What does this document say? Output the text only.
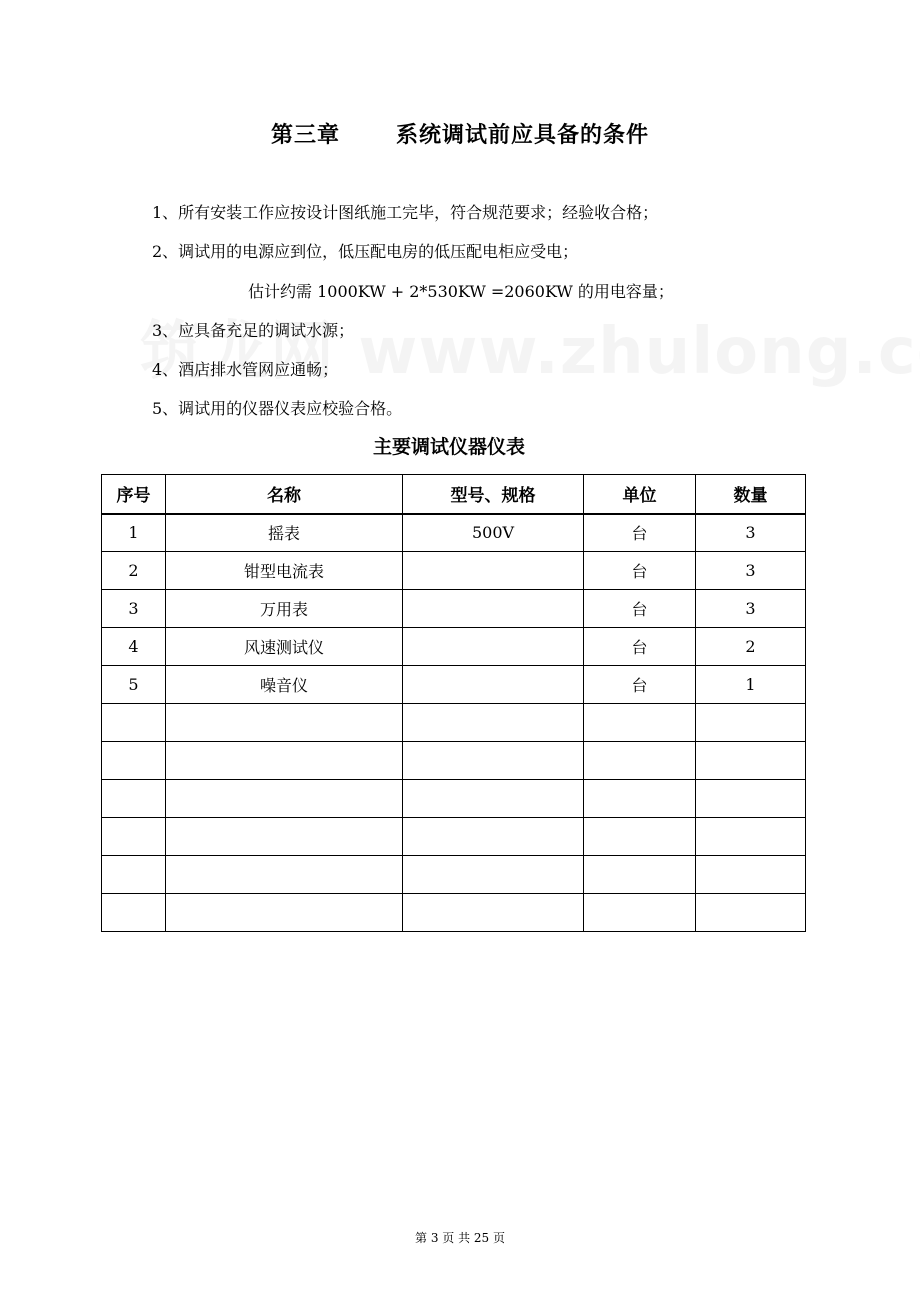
第三章	系统调试前应具备的条件
1、所有安装工作应按设计图纸施工完毕，符合规范要求；经验收合格；
2、调试用的电源应到位，低压配电房的低压配电柜应受电；
估计约需 1000KW + 2*530KW =2060KW 的用电容量；
3、应具备充足的调试水源；
4、酒店排水管网应通畅；
5、调试用的仪器仪表应校验合格。
主要调试仪器仪表
序号	名称	型号、规格	单位	数量
1	摇表	500V	台	3
2	钳型电流表		台	3
3	万用表		台	3
4	风速测试仪		台	2
5	噪音仪		台	1

第 3 页 共 25 页
